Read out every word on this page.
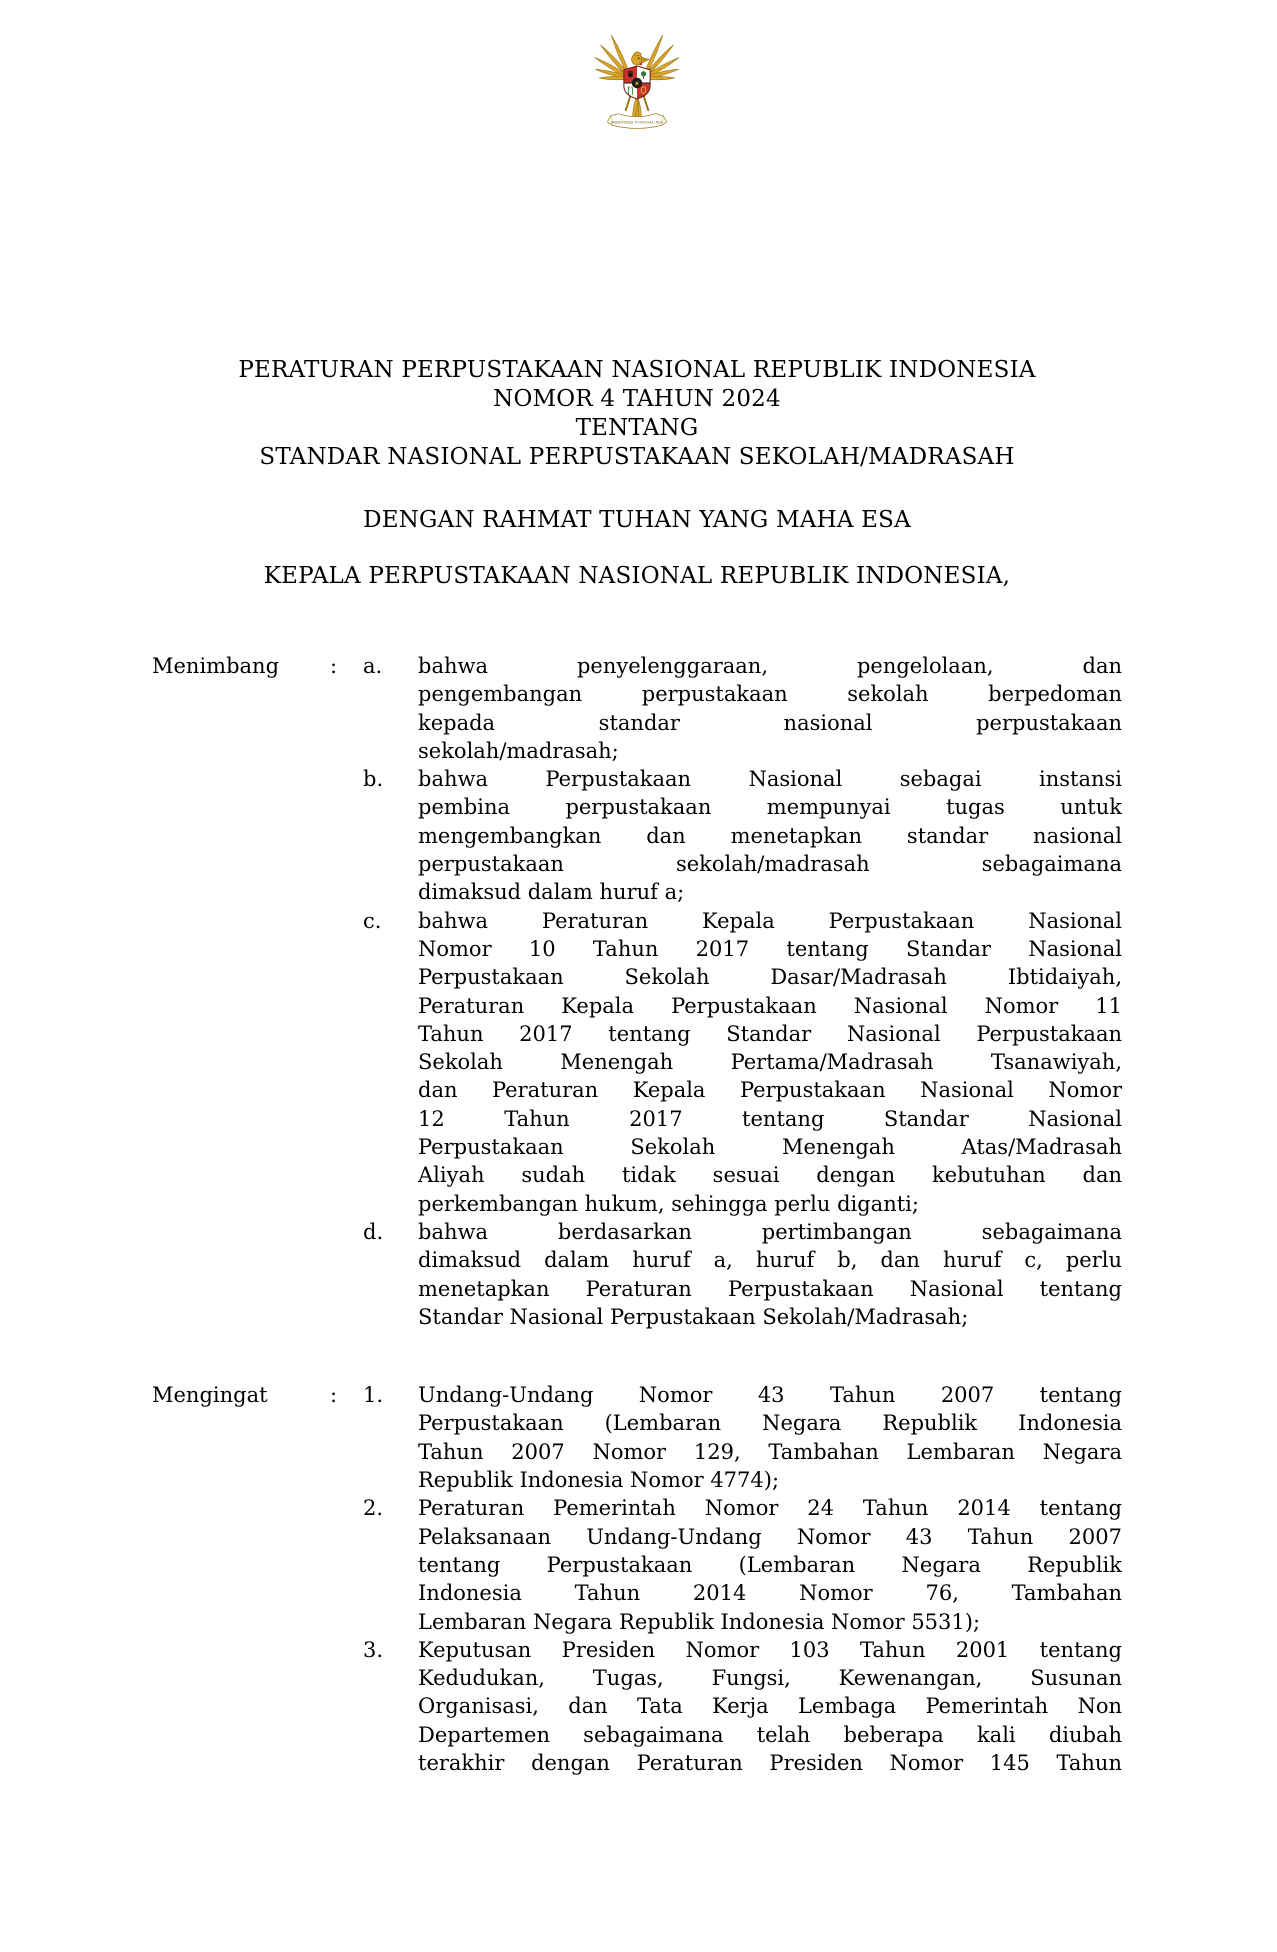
★
BHINNEKA TUNGGAL IKA
PERATURAN PERPUSTAKAAN NASIONAL REPUBLIK INDONESIA
NOMOR 4 TAHUN 2024
TENTANG
STANDAR NASIONAL PERPUSTAKAAN SEKOLAH/MADRASAH
DENGAN RAHMAT TUHAN YANG MAHA ESA
KEPALA PERPUSTAKAAN NASIONAL REPUBLIK INDONESIA,
Menimbang	:	a.	bahwa penyelenggaraan, pengelolaan, dan
pengembangan perpustakaan sekolah berpedoman
kepada standar nasional perpustakaan
sekolah/madrasah;
b.	bahwa Perpustakaan Nasional sebagai instansi
pembina perpustakaan mempunyai tugas untuk
mengembangkan dan menetapkan standar nasional
perpustakaan sekolah/madrasah sebagaimana
dimaksud dalam huruf a;
c.	bahwa Peraturan Kepala Perpustakaan Nasional
Nomor 10 Tahun 2017 tentang Standar Nasional
Perpustakaan Sekolah Dasar/Madrasah Ibtidaiyah,
Peraturan Kepala Perpustakaan Nasional Nomor 11
Tahun 2017 tentang Standar Nasional Perpustakaan
Sekolah Menengah Pertama/Madrasah Tsanawiyah,
dan Peraturan Kepala Perpustakaan Nasional Nomor
12 Tahun 2017 tentang Standar Nasional
Perpustakaan Sekolah Menengah Atas/Madrasah
Aliyah sudah tidak sesuai dengan kebutuhan dan
perkembangan hukum, sehingga perlu diganti;
d.	bahwa berdasarkan pertimbangan sebagaimana
dimaksud dalam huruf a, huruf b, dan huruf c, perlu
menetapkan Peraturan Perpustakaan Nasional tentang
Standar Nasional Perpustakaan Sekolah/Madrasah;
Mengingat	:	1.	Undang-Undang Nomor 43 Tahun 2007 tentang
Perpustakaan (Lembaran Negara Republik Indonesia
Tahun 2007 Nomor 129, Tambahan Lembaran Negara
Republik Indonesia Nomor 4774);
2.	Peraturan Pemerintah Nomor 24 Tahun 2014 tentang
Pelaksanaan Undang-Undang Nomor 43 Tahun 2007
tentang Perpustakaan (Lembaran Negara Republik
Indonesia Tahun 2014 Nomor 76, Tambahan
Lembaran Negara Republik Indonesia Nomor 5531);
3.	Keputusan Presiden Nomor 103 Tahun 2001 tentang
Kedudukan, Tugas, Fungsi, Kewenangan, Susunan
Organisasi, dan Tata Kerja Lembaga Pemerintah Non
Departemen sebagaimana telah beberapa kali diubah
terakhir dengan Peraturan Presiden Nomor 145 Tahun
